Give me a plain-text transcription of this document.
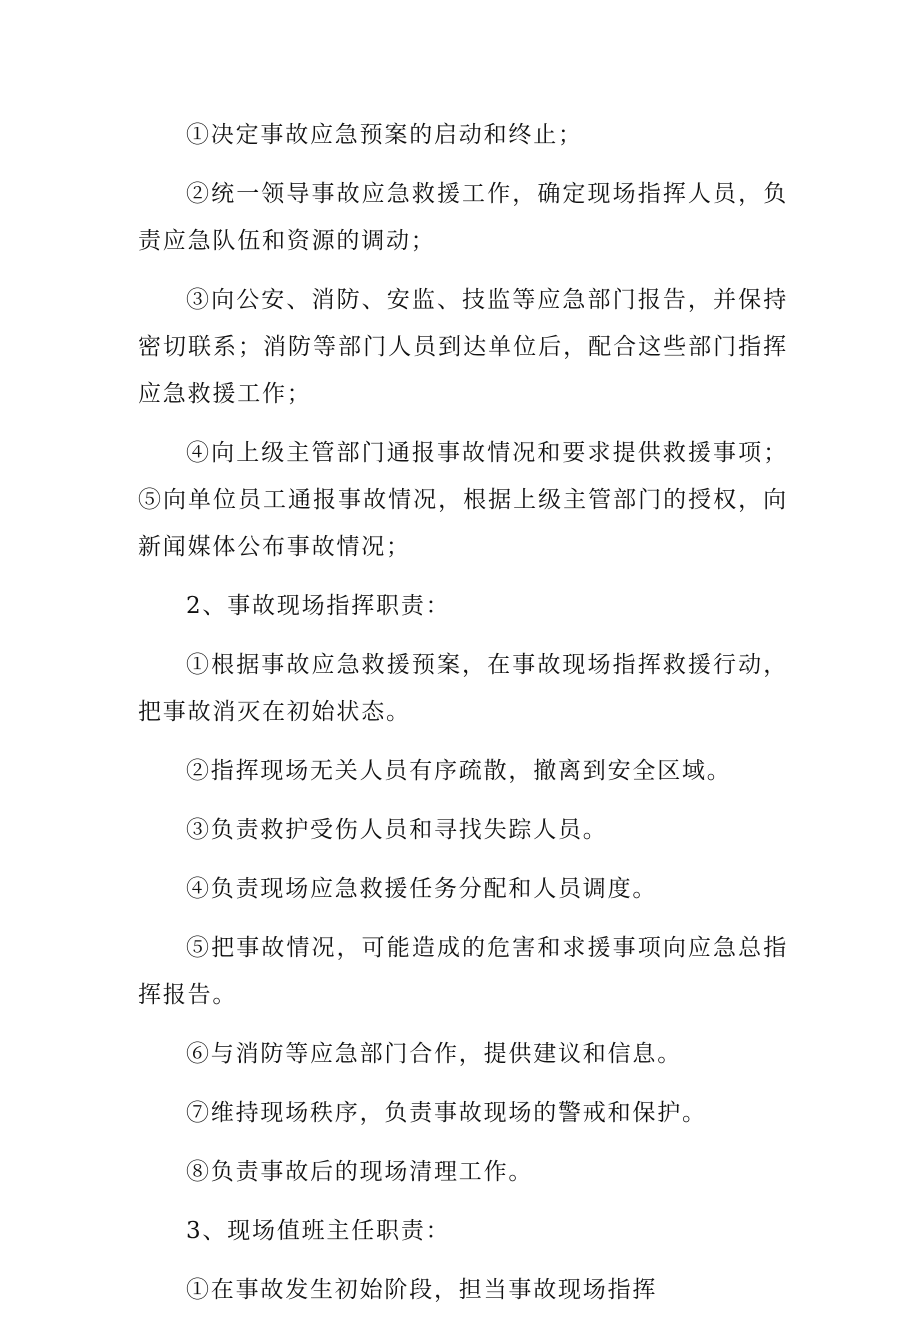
①决定事故应急预案的启动和终止；

②统一领导事故应急救援工作，确定现场指挥人员，负责应急队伍和资源的调动；

③向公安、消防、安监、技监等应急部门报告，并保持密切联系；消防等部门人员到达单位后，配合这些部门指挥应急救援工作；

④向上级主管部门通报事故情况和要求提供救援事项；⑤向单位员工通报事故情况，根据上级主管部门的授权，向新闻媒体公布事故情况；

2、事故现场指挥职责：

①根据事故应急救援预案，在事故现场指挥救援行动，把事故消灭在初始状态。

②指挥现场无关人员有序疏散，撤离到安全区域。

③负责救护受伤人员和寻找失踪人员。

④负责现场应急救援任务分配和人员调度。

⑤把事故情况，可能造成的危害和求援事项向应急总指挥报告。

⑥与消防等应急部门合作，提供建议和信息。

⑦维持现场秩序，负责事故现场的警戒和保护。

⑧负责事故后的现场清理工作。

3、现场值班主任职责：

①在事故发生初始阶段，担当事故现场指挥
